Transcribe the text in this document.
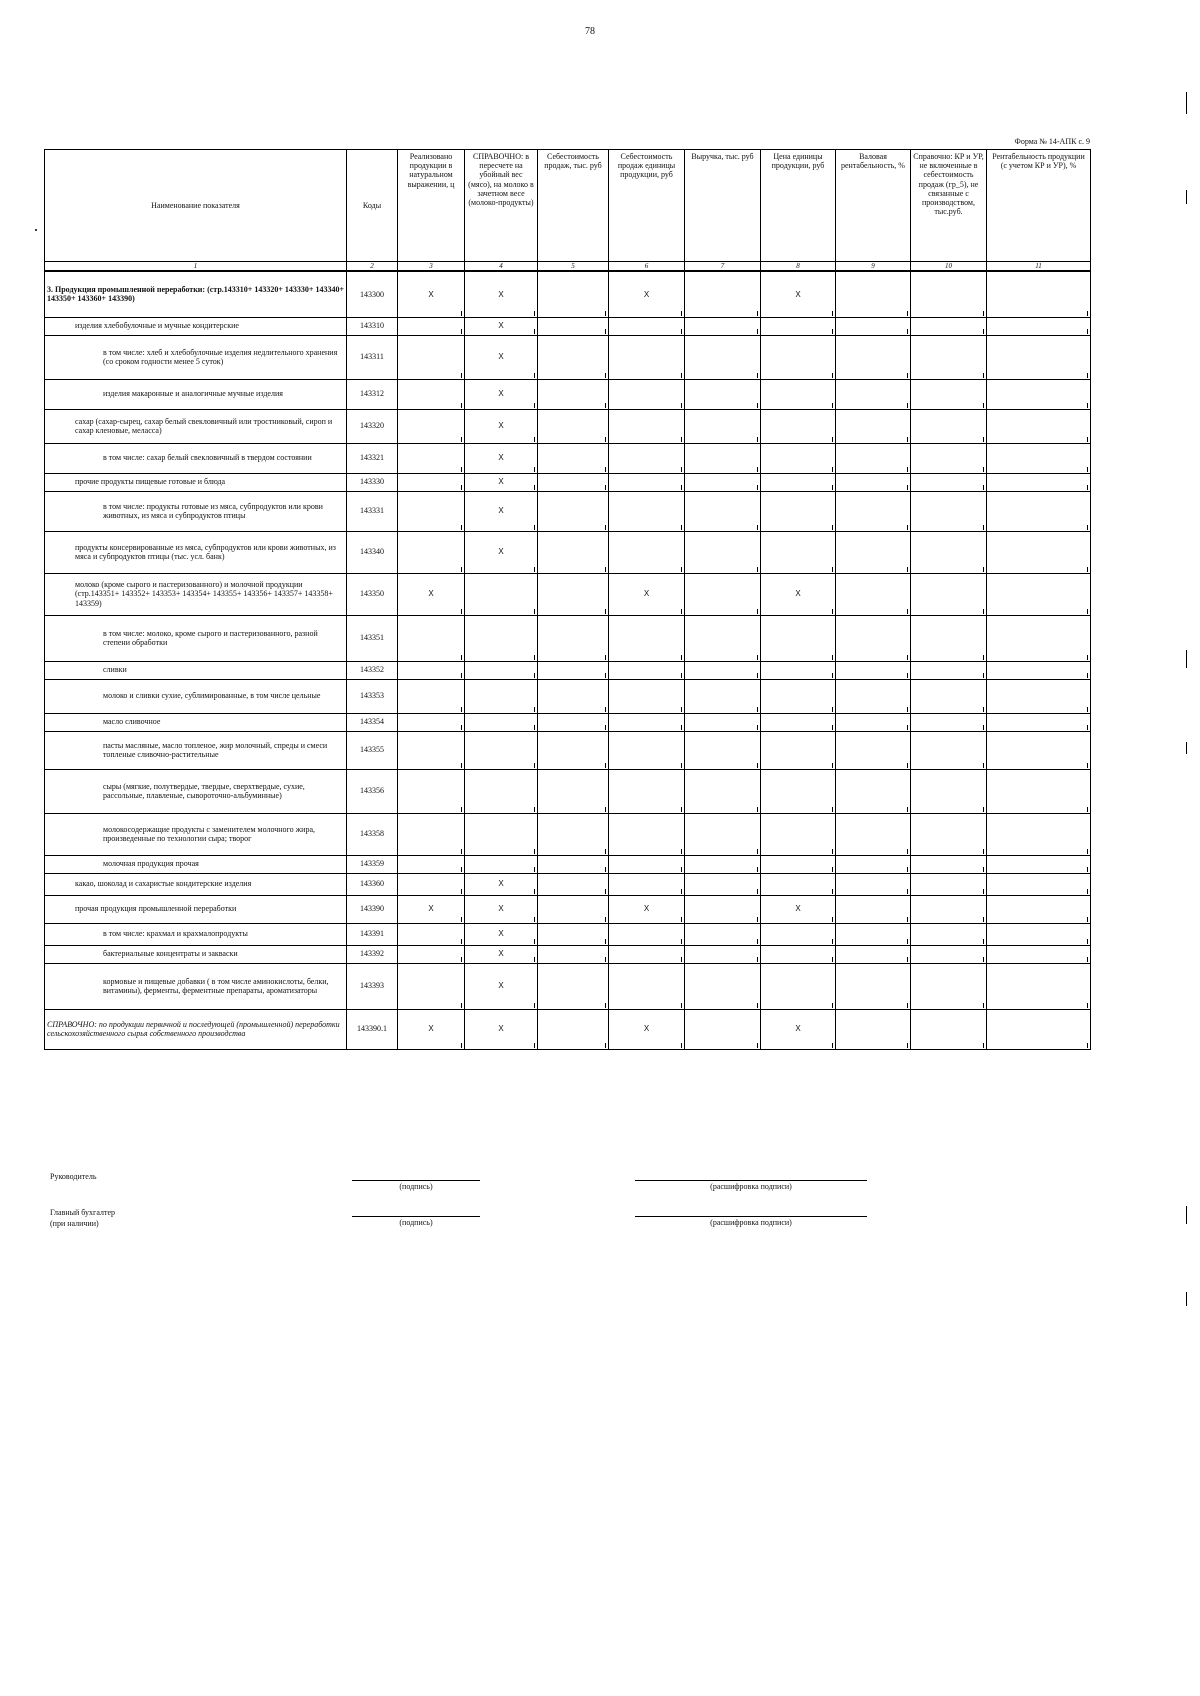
78
Форма № 14-АПК с. 9
Наименование показателя	Коды	Реализовано продукции в натуральном выражении, ц	СПРАВОЧНО: в пересчете на убойный вес (мясо), на молоко в зачетном весе (молоко-продукты)	Себестоимость продаж, тыс. руб	Себестоимость продаж единицы продукции, руб	Выручка, тыс. руб	Цена единицы продукции, руб	Валовая рентабельность, %	Справочно: КР и УР, не включенные в себестоимость продаж (гр_5), не связанные с производством, тыс.руб.	Рентабельность продукции (с учетом КР и УР), %
1	2	3	4	5	6	7	8	9	10	11
3. Продукция промышленной переработки: (стр.143310+ 143320+ 143330+ 143340+ 143350+ 143360+ 143390)	143300	X	X		X		X			
изделия хлебобулочные и мучные кондитерские	143310		X							
в том числе: хлеб и хлебобулочные изделия недлительного хранения (со сроком годности менее 5 суток)	143311		X							
изделия макаронные и аналогичные мучные изделия	143312		X							
сахар (сахар-сырец, сахар белый свекловичный или тростниковый, сироп и сахар кленовые, меласса)	143320		X							
в том числе: сахар белый свекловичный в твердом состоянии	143321		X							
прочие продукты пищевые готовые и блюда	143330		X							
в том числе: продукты готовые из мяса, субпродуктов или крови животных, из мяса и субпродуктов птицы	143331		X							
продукты консервированные из мяса, субпродуктов или крови животных, из мяса и субпродуктов птицы (тыс. усл. банк)	143340		X							
молоко (кроме сырого и пастеризованного) и молочной продукции (стр.143351+ 143352+ 143353+ 143354+ 143355+ 143356+ 143357+ 143358+ 143359)	143350	X			X		X			
в том числе: молоко, кроме сырого и пастеризованного, разной степени обработки	143351									
сливки	143352									
молоко и сливки сухие, сублимированные, в том числе цельные	143353									
масло сливочное	143354									
пасты масляные, масло топленое, жир молочный, спреды и смеси топленые сливочно-растительные	143355									
сыры (мягкие, полутвердые, твердые, сверхтвердые, сухие, рассольные, плавленые, сывороточно-альбуминные)	143356									
молокосодержащие продукты с заменителем молочного жира, произведенные по технологии сыра; творог	143358									
молочная продукция прочая	143359									
какао, шоколад и сахаристые кондитерские изделия	143360		X							
прочая продукция промышленной переработки	143390	X	X		X		X			
в том числе: крахмал и крахмалопродукты	143391		X							
бактериальные концентраты и закваски	143392		X							
кормовые и пищевые добавки ( в том числе аминокислоты, белки, витамины), ферменты, ферментные препараты, ароматизаторы	143393		X							
СПРАВОЧНО: по продукции первичной и последующей (промышленной) переработки сельскохозяйственного сырья собственного производства	143390.1	X	X		X		X			
Руководитель
(подпись)	(расшифровка подписи)
Главный бухгалтер
(при наличии)	(подпись)	(расшифровка подписи)
